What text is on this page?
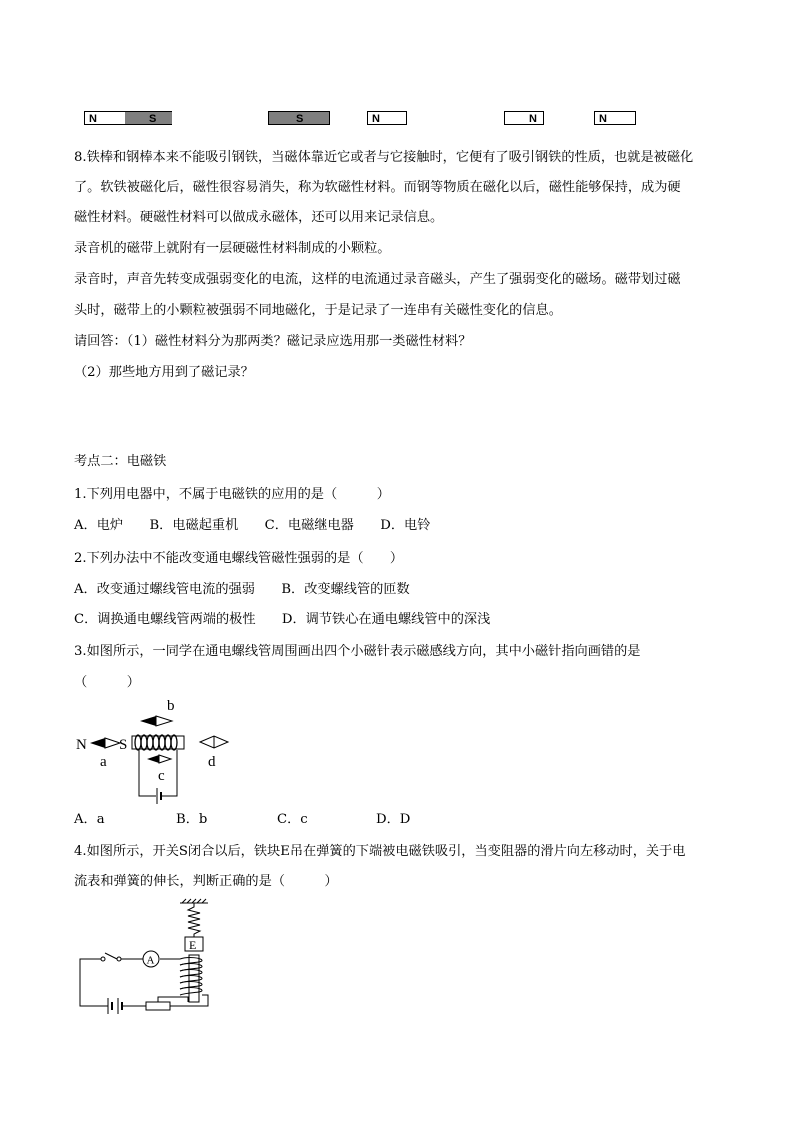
N	S	S	N	N	N
8.铁棒和钢棒本来不能吸引钢铁，当磁体靠近它或者与它接触时，它便有了吸引钢铁的性质，也就是被磁化
了。软铁被磁化后，磁性很容易消失，称为软磁性材料。而钢等物质在磁化以后，磁性能够保持，成为硬
磁性材料。硬磁性材料可以做成永磁体，还可以用来记录信息。
录音机的磁带上就附有一层硬磁性材料制成的小颗粒。
录音时，声音先转变成强弱变化的电流，这样的电流通过录音磁头，产生了强弱变化的磁场。磁带划过磁
头时，磁带上的小颗粒被强弱不同地磁化，于是记录了一连串有关磁性变化的信息。
请回答：（1）磁性材料分为那两类？磁记录应选用那一类磁性材料？
（2）那些地方用到了磁记录？
考点二：电磁铁
1.下列用电器中，不属于电磁铁的应用的是（　　　）
A．电炉　　B．电磁起重机　　C．电磁继电器　　D．电铃
2.下列办法中不能改变通电螺线管磁性强弱的是（　　）
A．改变通过螺线管电流的强弱　　B．改变螺线管的匝数
C．调换通电螺线管两端的极性　　D．调节铁心在通电螺线管中的深浅
3.如图所示，一同学在通电螺线管周围画出四个小磁针表示磁感线方向，其中小磁针指向画错的是
（　　　）
N S
a
b
c
d
A．a	B．b	C．c	D．D
4.如图所示，开关S闭合以后，铁块E吊在弹簧的下端被电磁铁吸引，当变阻器的滑片向左移动时，关于电
流表和弹簧的伸长，判断正确的是（　　　）
E
A
